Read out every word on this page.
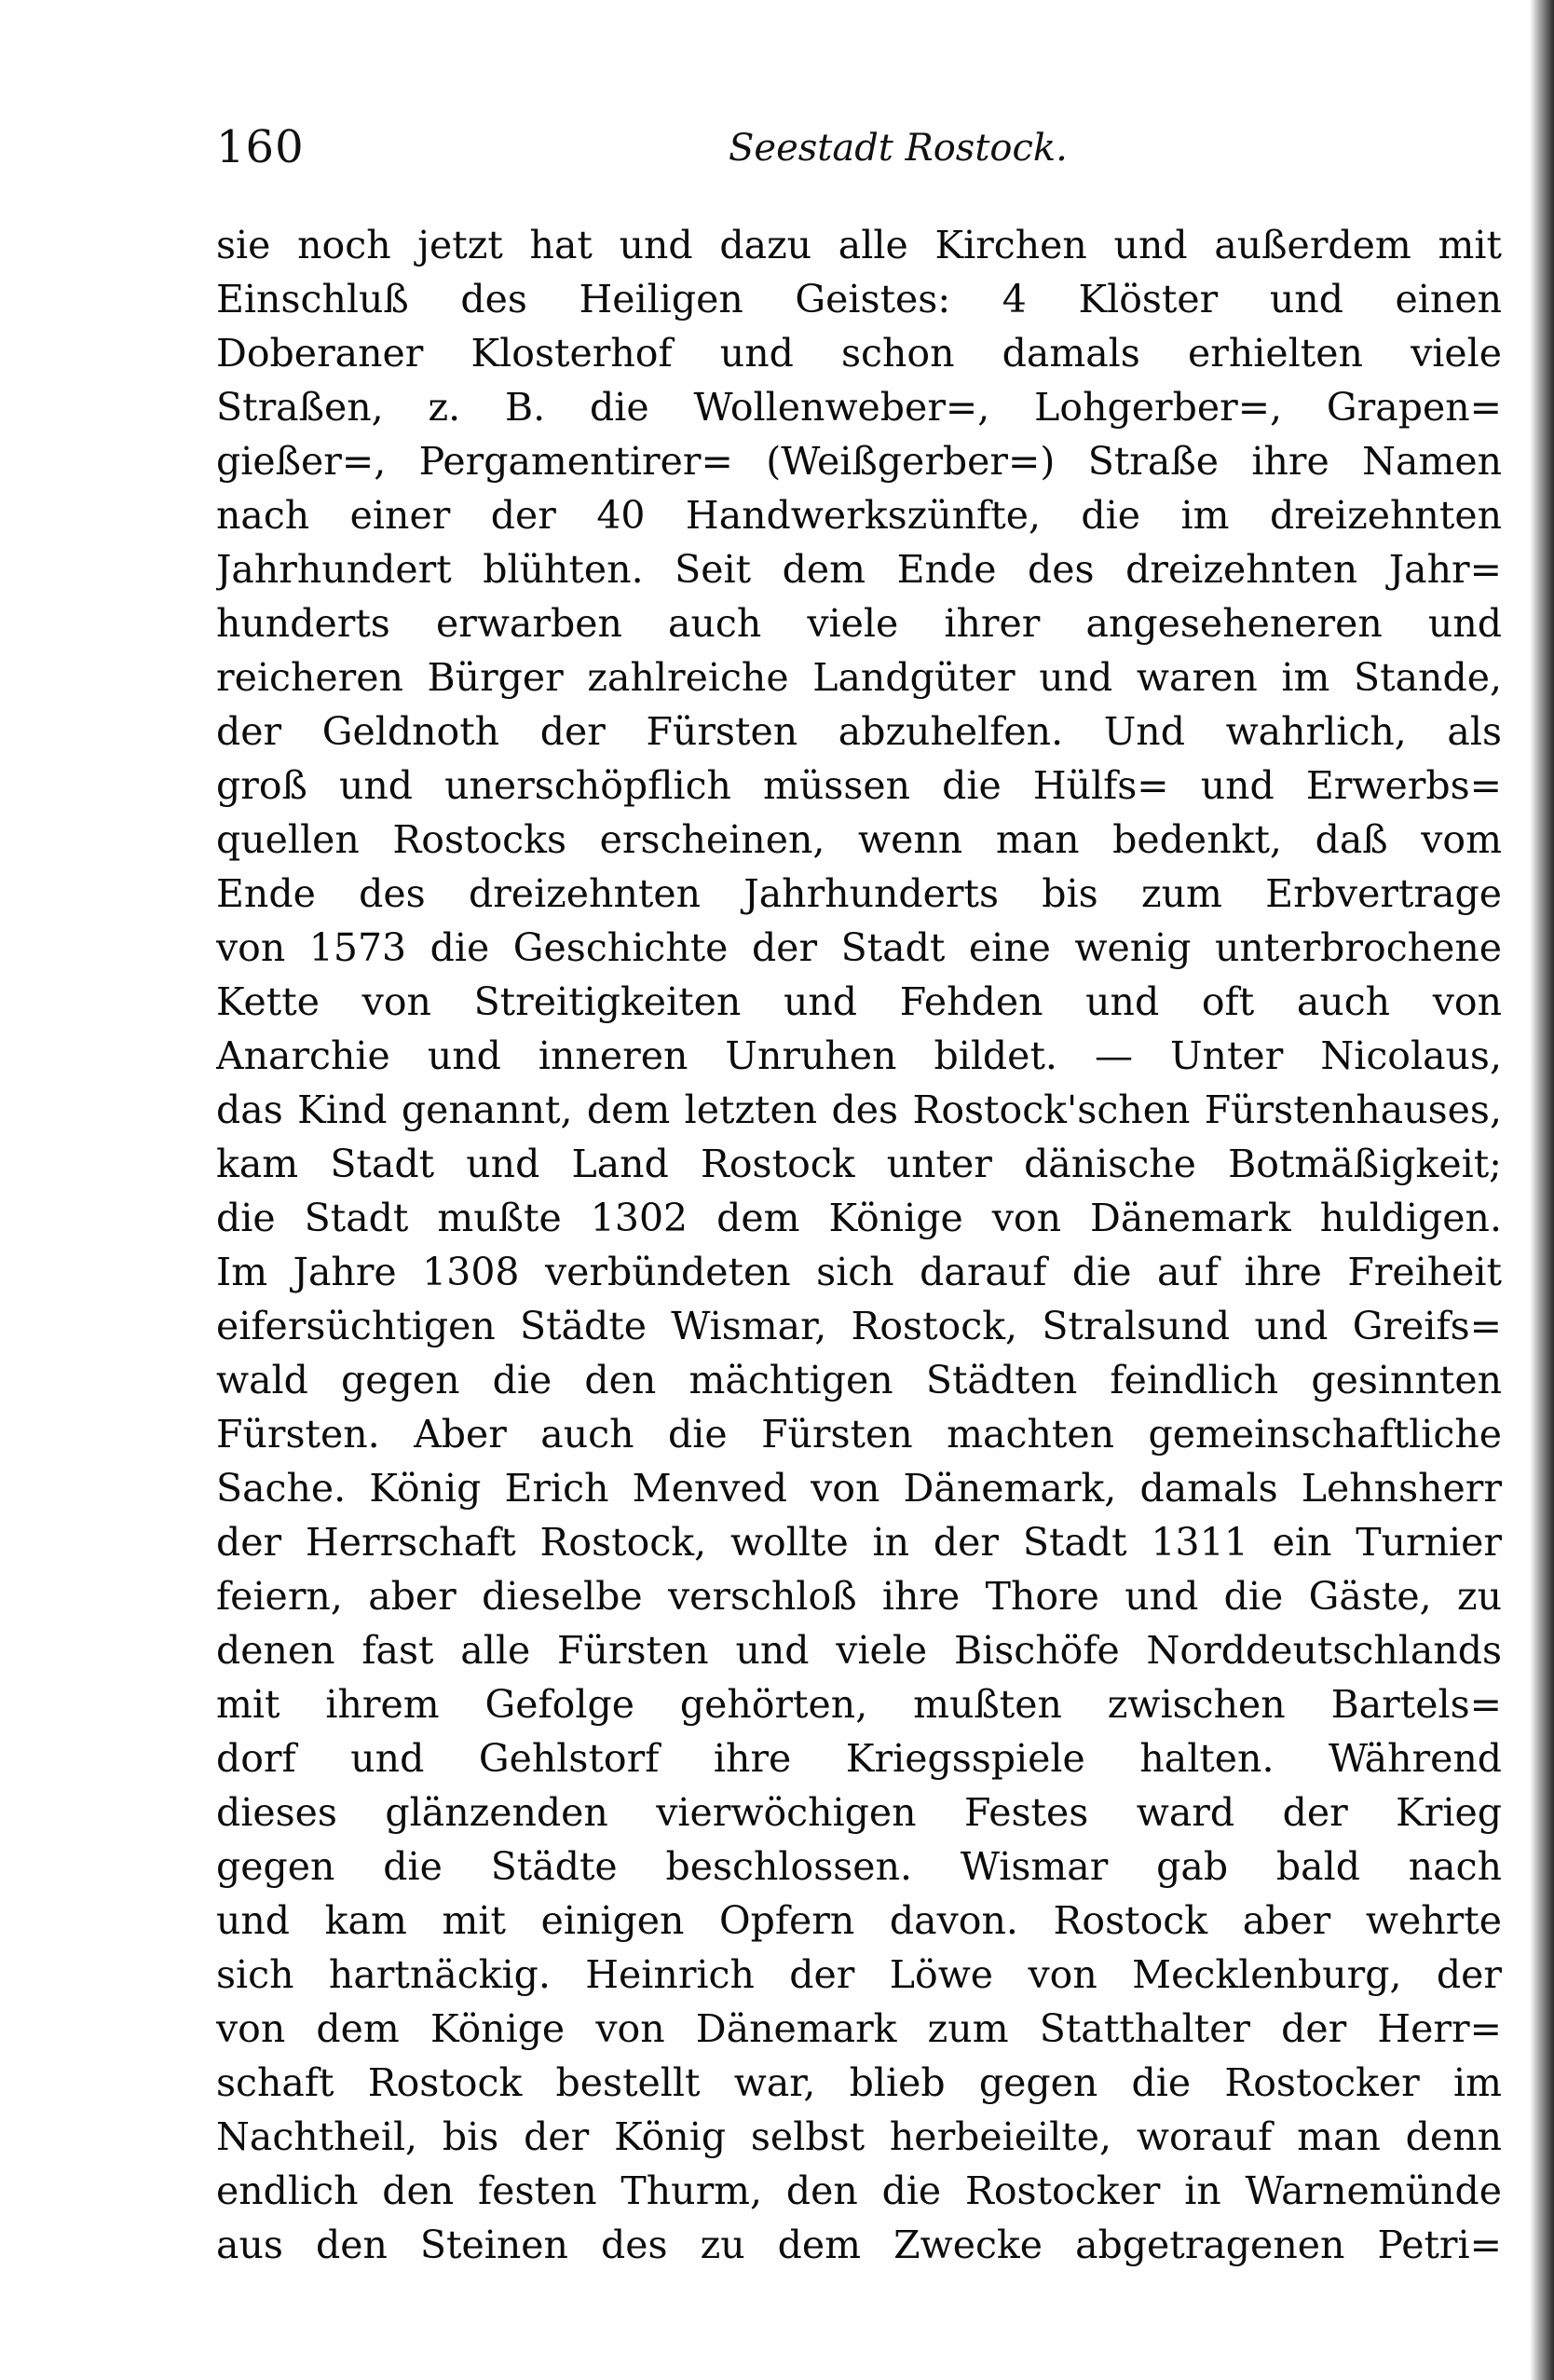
160	Seestadt Rostock.
sie noch jetzt hat und dazu alle Kirchen und außerdem mit
Einschluß des Heiligen Geistes: 4 Klöster und einen
Doberaner Klosterhof und schon damals erhielten viele
Straßen, z. B. die Wollenweber=, Lohgerber=, Grapen=
gießer=, Pergamentirer= (Weißgerber=) Straße ihre Namen
nach einer der 40 Handwerkszünfte, die im dreizehnten
Jahrhundert blühten. Seit dem Ende des dreizehnten Jahr=
hunderts erwarben auch viele ihrer angeseheneren und
reicheren Bürger zahlreiche Landgüter und waren im Stande,
der Geldnoth der Fürsten abzuhelfen. Und wahrlich, als
groß und unerschöpflich müssen die Hülfs= und Erwerbs=
quellen Rostocks erscheinen, wenn man bedenkt, daß vom
Ende des dreizehnten Jahrhunderts bis zum Erbvertrage
von 1573 die Geschichte der Stadt eine wenig unterbrochene
Kette von Streitigkeiten und Fehden und oft auch von
Anarchie und inneren Unruhen bildet. — Unter Nicolaus,
das Kind genannt, dem letzten des Rostock'schen Fürstenhauses,
kam Stadt und Land Rostock unter dänische Botmäßigkeit;
die Stadt mußte 1302 dem Könige von Dänemark huldigen.
Im Jahre 1308 verbündeten sich darauf die auf ihre Freiheit
eifersüchtigen Städte Wismar, Rostock, Stralsund und Greifs=
wald gegen die den mächtigen Städten feindlich gesinnten
Fürsten. Aber auch die Fürsten machten gemeinschaftliche
Sache. König Erich Menved von Dänemark, damals Lehnsherr
der Herrschaft Rostock, wollte in der Stadt 1311 ein Turnier
feiern, aber dieselbe verschloß ihre Thore und die Gäste, zu
denen fast alle Fürsten und viele Bischöfe Norddeutschlands
mit ihrem Gefolge gehörten, mußten zwischen Bartels=
dorf und Gehlstorf ihre Kriegsspiele halten. Während
dieses glänzenden vierwöchigen Festes ward der Krieg
gegen die Städte beschlossen. Wismar gab bald nach
und kam mit einigen Opfern davon. Rostock aber wehrte
sich hartnäckig. Heinrich der Löwe von Mecklenburg, der
von dem Könige von Dänemark zum Statthalter der Herr=
schaft Rostock bestellt war, blieb gegen die Rostocker im
Nachtheil, bis der König selbst herbeieilte, worauf man denn
endlich den festen Thurm, den die Rostocker in Warnemünde
aus den Steinen des zu dem Zwecke abgetragenen Petri=
